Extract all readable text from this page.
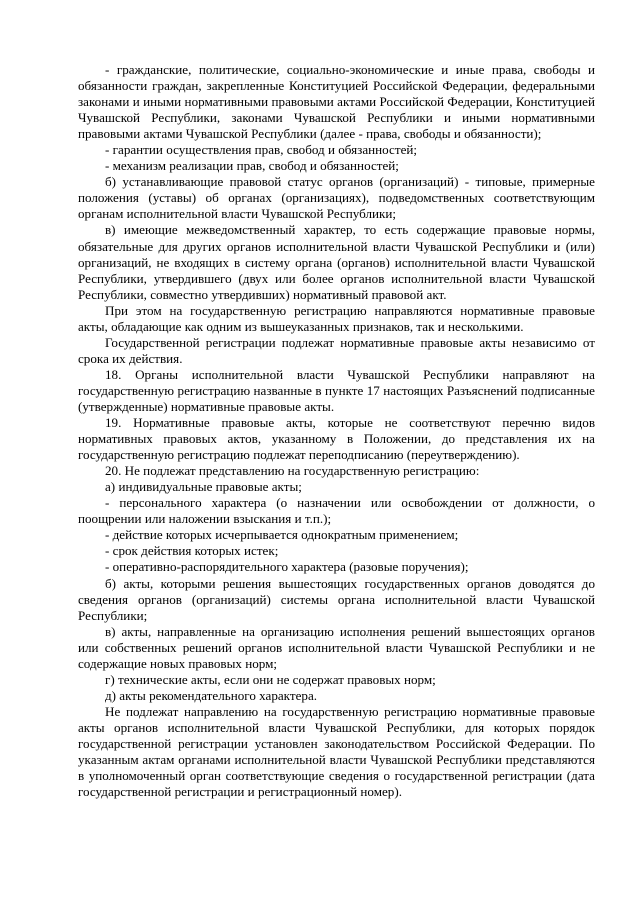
- гражданские, политические, социально-экономические и иные права, свободы и обязанности граждан, закрепленные Конституцией Российской Федерации, федеральными законами и иными нормативными правовыми актами Российской Федерации, Конституцией Чувашской Республики, законами Чувашской Республики и иными нормативными правовыми актами Чувашской Республики (далее - права, свободы и обязанности);

- гарантии осуществления прав, свобод и обязанностей;

- механизм реализации прав, свобод и обязанностей;

б) устанавливающие правовой статус органов (организаций) - типовые, примерные положения (уставы) об органах (организациях), подведомственных соответствующим органам исполнительной власти Чувашской Республики;

в) имеющие межведомственный характер, то есть содержащие правовые нормы, обязательные для других органов исполнительной власти Чувашской Республики и (или) организаций, не входящих в систему органа (органов) исполнительной власти Чувашской Республики, утвердившего (двух или более органов исполнительной власти Чувашской Республики, совместно утвердивших) нормативный правовой акт.

При этом на государственную регистрацию направляются нормативные правовые акты, обладающие как одним из вышеуказанных признаков, так и несколькими.

Государственной регистрации подлежат нормативные правовые акты независимо от срока их действия.

18. Органы исполнительной власти Чувашской Республики направляют на государственную регистрацию названные в пункте 17 настоящих Разъяснений подписанные (утвержденные) нормативные правовые акты.

19. Нормативные правовые акты, которые не соответствуют перечню видов нормативных правовых актов, указанному в Положении, до представления их на государственную регистрацию подлежат переподписанию (переутверждению).

20. Не подлежат представлению на государственную регистрацию:

а) индивидуальные правовые акты;

- персонального характера (о назначении или освобождении от должности, о поощрении или наложении взыскания и т.п.);

- действие которых исчерпывается однократным применением;

- срок действия которых истек;

- оперативно-распорядительного характера (разовые поручения);

б) акты, которыми решения вышестоящих государственных органов доводятся до сведения органов (организаций) системы органа исполнительной власти Чувашской Республики;

в) акты, направленные на организацию исполнения решений вышестоящих органов или собственных решений органов исполнительной власти Чувашской Республики и не содержащие новых правовых норм;

г) технические акты, если они не содержат правовых норм;

д) акты рекомендательного характера.

Не подлежат направлению на государственную регистрацию нормативные правовые акты органов исполнительной власти Чувашской Республики, для которых порядок государственной регистрации установлен законодательством Российской Федерации. По указанным актам органами исполнительной власти Чувашской Республики представляются в уполномоченный орган соответствующие сведения о государственной регистрации (дата государственной регистрации и регистрационный номер).
